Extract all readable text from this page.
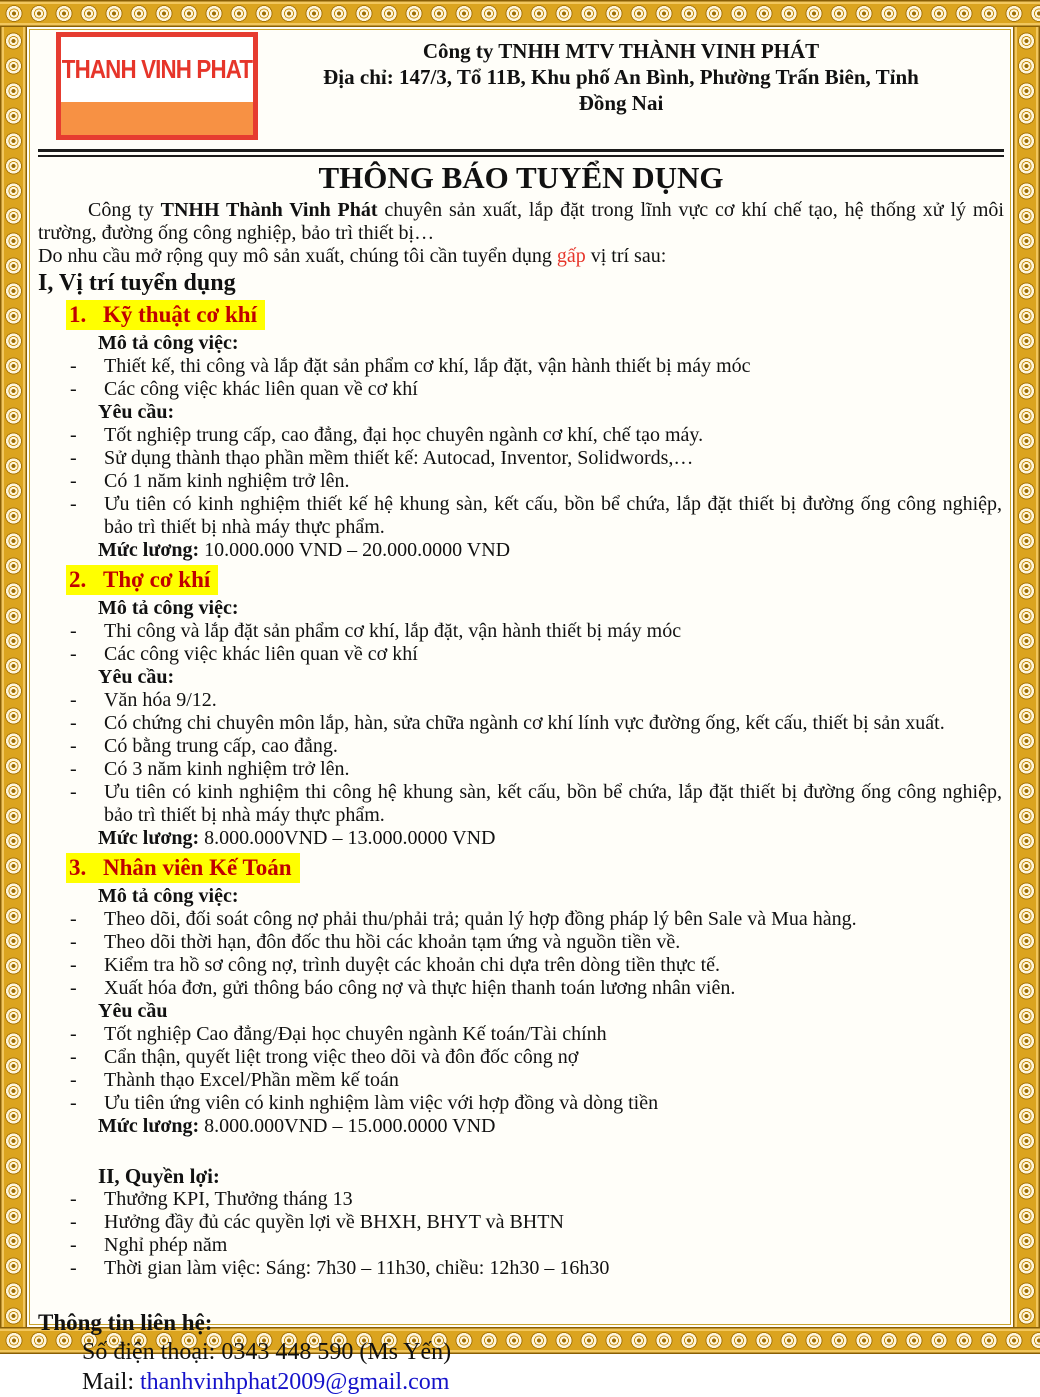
THANH VINH PHAT
Công ty TNHH MTV THÀNH VINH PHÁT
Địa chỉ: 147/3, Tổ 11B, Khu phố An Bình, Phường Trấn Biên, Tỉnh
Đồng Nai
THÔNG BÁO TUYỂN DỤNG

Công ty TNHH Thành Vinh Phát chuyên sản xuất, lắp đặt trong lĩnh vực cơ khí chế tạo, hệ thống xử lý môi trường, đường ống công nghiệp, bảo trì thiết bị…

Do nhu cầu mở rộng quy mô sản xuất, chúng tôi cần tuyển dụng gấp vị trí sau:

I, Vị trí tuyển dụng
1. Kỹ thuật cơ khí
Mô tả công việc:
-	Thiết kế, thi công và lắp đặt sản phẩm cơ khí, lắp đặt, vận hành thiết bị máy móc
-	Các công việc khác liên quan về cơ khí
Yêu cầu:
-	Tốt nghiệp trung cấp, cao đẳng, đại học chuyên ngành cơ khí, chế tạo máy.
-	Sử dụng thành thạo phần mềm thiết kế: Autocad, Inventor, Solidwords,…
-	Có 1 năm kinh nghiệm trở lên.
-	Ưu tiên có kinh nghiệm thiết kế hệ khung sàn, kết cấu, bồn bể chứa, lắp đặt thiết bị đường ống công nghiệp, bảo trì thiết bị nhà máy thực phẩm.
Mức lương: 10.000.000 VND – 20.000.0000 VND
2. Thợ cơ khí
Mô tả công việc:
-	Thi công và lắp đặt sản phẩm cơ khí, lắp đặt, vận hành thiết bị máy móc
-	Các công việc khác liên quan về cơ khí
Yêu cầu:
-	Văn hóa 9/12.
-	Có chứng chi chuyên môn lắp, hàn, sửa chữa ngành cơ khí lính vực đường ống, kết cấu, thiết bị sản xuất.
-	Có bằng trung cấp, cao đẳng.
-	Có 3 năm kinh nghiệm trở lên.
-	Ưu tiên có kinh nghiệm thi công hệ khung sàn, kết cấu, bồn bể chứa, lắp đặt thiết bị đường ống công nghiệp, bảo trì thiết bị nhà máy thực phẩm.
Mức lương: 8.000.000VND – 13.000.0000 VND
3. Nhân viên Kế Toán
Mô tả công việc:
-	Theo dõi, đối soát công nợ phải thu/phải trả; quản lý hợp đồng pháp lý bên Sale và Mua hàng.
-	Theo dõi thời hạn, đôn đốc thu hồi các khoản tạm ứng và nguồn tiền về.
-	Kiểm tra hồ sơ công nợ, trình duyệt các khoản chi dựa trên dòng tiền thực tế.
-	Xuất hóa đơn, gửi thông báo công nợ và thực hiện thanh toán lương nhân viên.
Yêu cầu
-	Tốt nghiệp Cao đẳng/Đại học chuyên ngành Kế toán/Tài chính
-	Cẩn thận, quyết liệt trong việc theo dõi và đôn đốc công nợ
-	Thành thạo Excel/Phần mềm kế toán
-	Ưu tiên ứng viên có kinh nghiệm làm việc với hợp đồng và dòng tiền
Mức lương: 8.000.000VND – 15.000.0000 VND
II, Quyền lợi:
-	Thưởng KPI, Thưởng tháng 13
-	Hưởng đầy đủ các quyền lợi về BHXH, BHYT và BHTN
-	Nghỉ phép năm
-	Thời gian làm việc: Sáng: 7h30 – 11h30, chiều: 12h30 – 16h30
Thông tin liên hệ:
Số điện thoại: 0343 448 590 (Ms Yến)
Mail: thanhvinhphat2009@gmail.com
